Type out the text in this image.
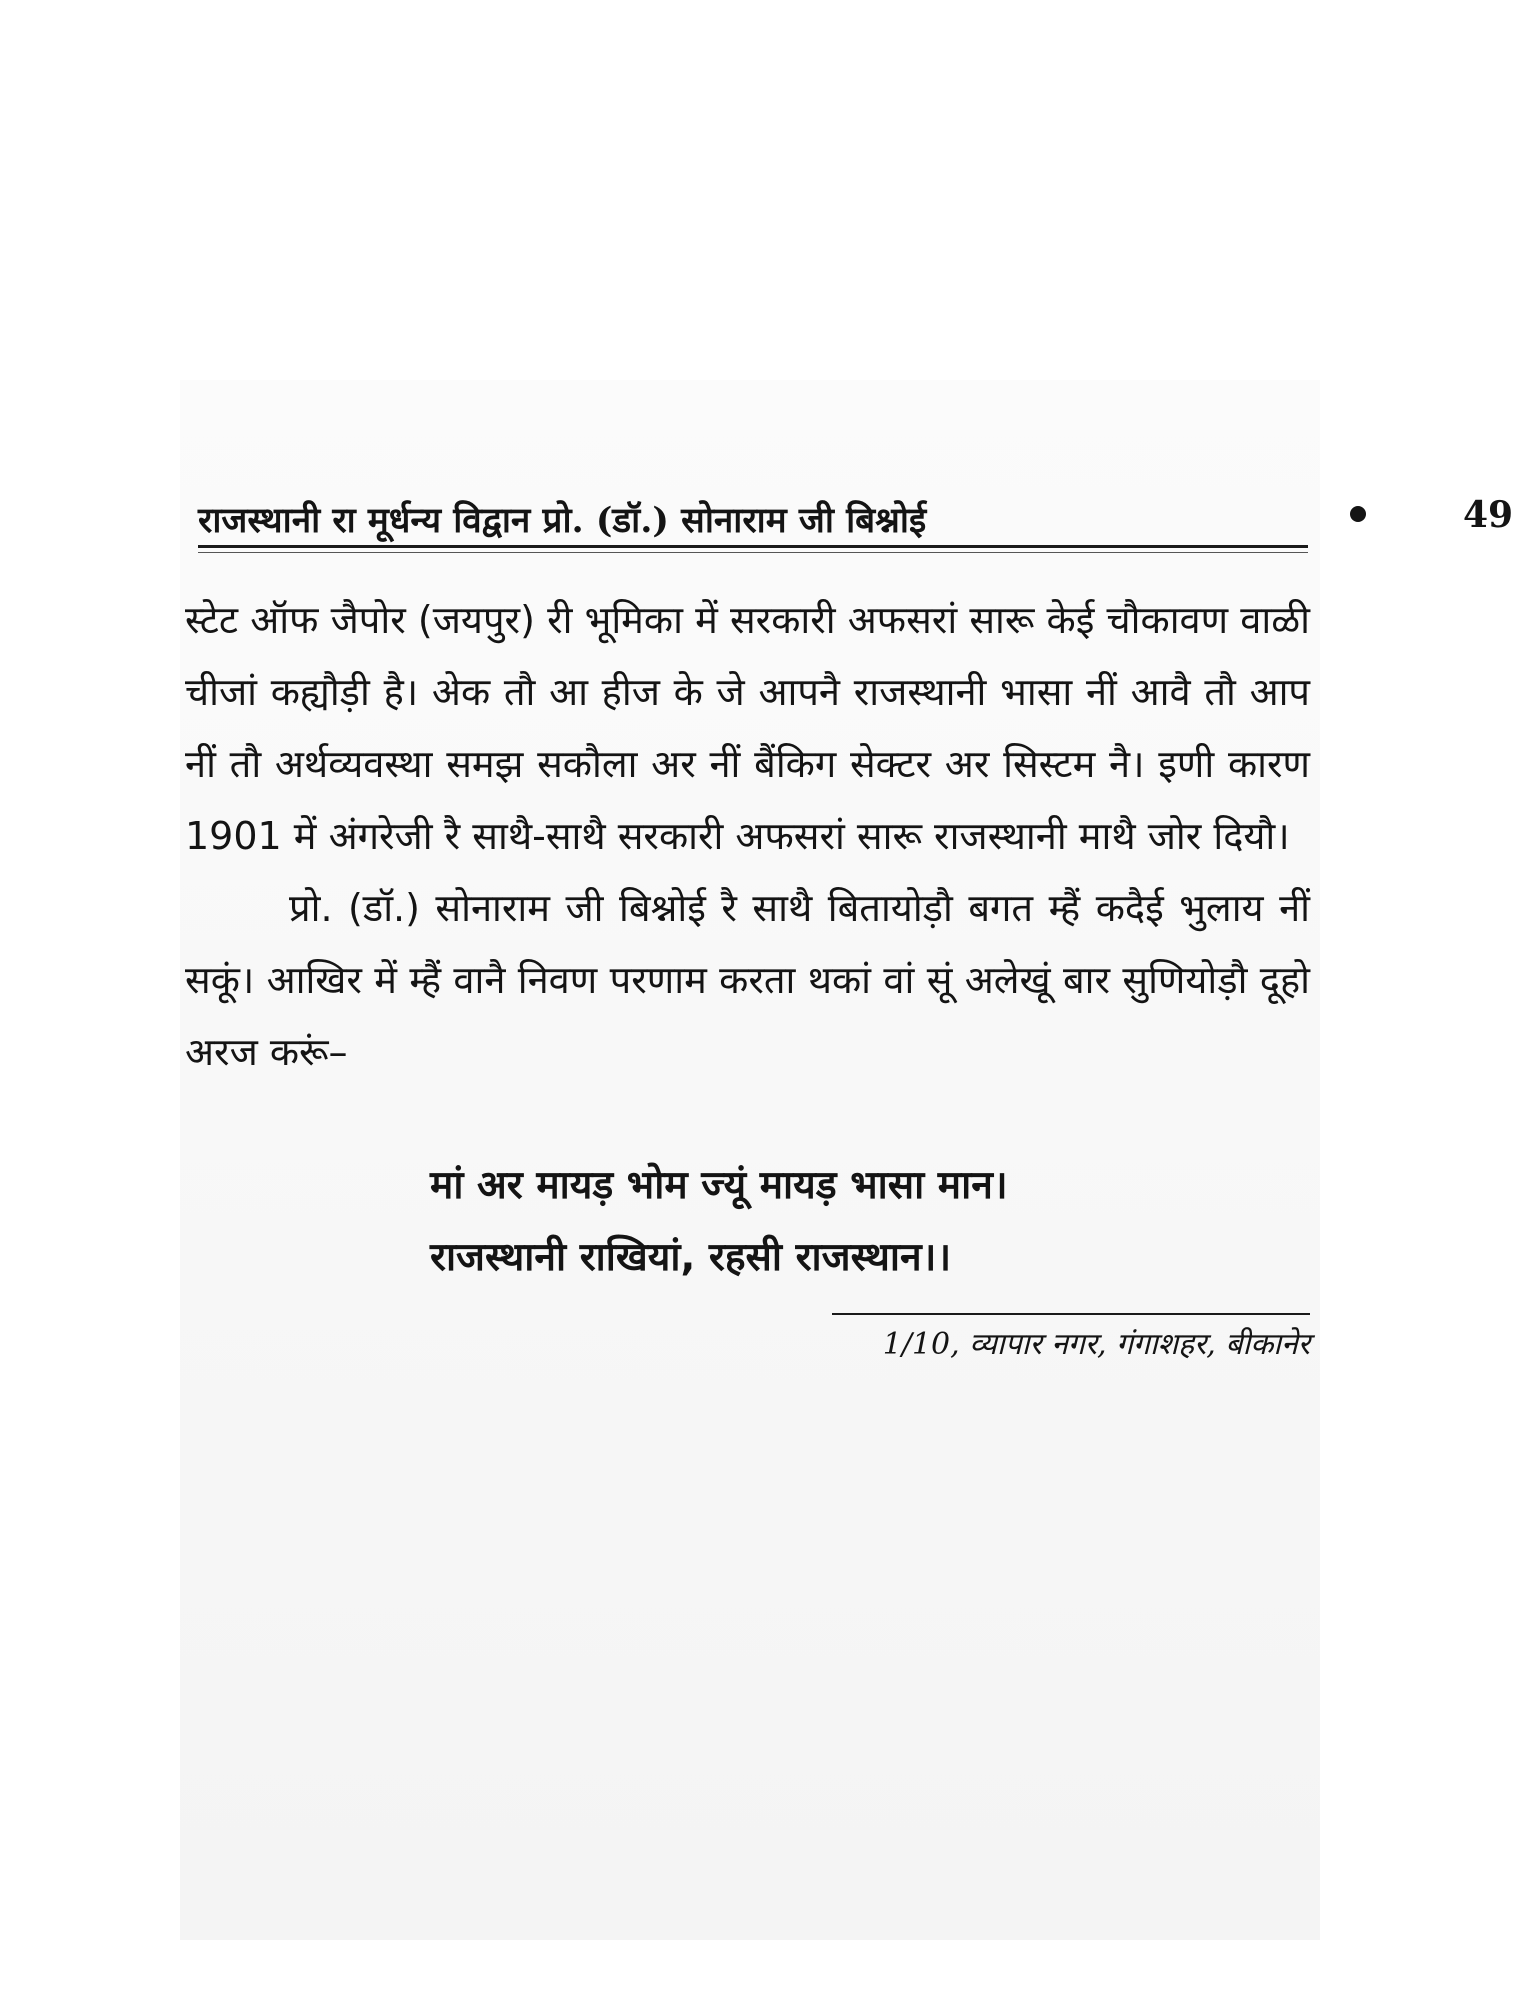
राजस्थानी रा मूर्धन्य विद्वान प्रो. (डॉ.) सोनाराम जी बिश्नोई	49

स्टेट ऑफ जैपोर (जयपुर) री भूमिका में सरकारी अफसरां सारू केई चौकावण वाळी चीजां कह्यौड़ी है। अेक तौ आ हीज के जे आपनै राजस्थानी भासा नीं आवै तौ आप नीं तौ अर्थव्यवस्था समझ सकौला अर नीं बैंकिग सेक्टर अर सिस्टम नै। इणी कारण 1901 में अंगरेजी रै साथै-साथै सरकारी अफसरां सारू राजस्थानी माथै जोर दियौ।

प्रो. (डॉ.) सोनाराम जी बिश्नोई रै साथै बितायोड़ौ बगत म्हैं कदैई भुलाय नीं सकूं। आखिर में म्हैं वानै निवण परणाम करता थकां वां सूं अलेखूं बार सुणियोड़ौ दूहो अरज करूं–

मां अर मायड़ भोम ज्यूं मायड़ भासा मान।
राजस्थानी राखियां, रहसी राजस्थान।।
1/10, व्यापार नगर, गंगाशहर, बीकानेर
